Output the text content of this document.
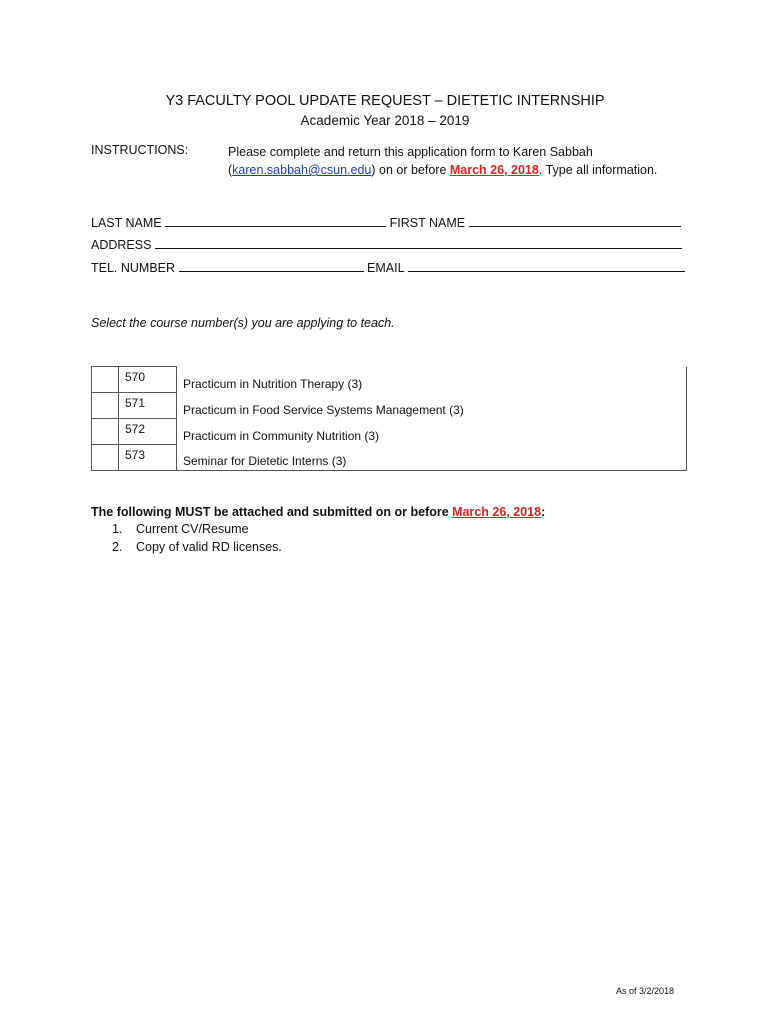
Y3 FACULTY POOL UPDATE REQUEST – DIETETIC INTERNSHIP
Academic Year 2018 – 2019
INSTRUCTIONS:	Please complete and return this application form to Karen Sabbah
(karen.sabbah@csun.edu) on or before March 26, 2018. Type all information.
LAST NAME	FIRST NAME
ADDRESS
TEL. NUMBER	EMAIL
Select the course number(s) you are applying to teach.
	570	Practicum in Nutrition Therapy (3)
	571	Practicum in Food Service Systems Management (3)
	572	Practicum in Community Nutrition (3)
	573	Seminar for Dietetic Interns (3)
The following MUST be attached and submitted on or before March 26, 2018:
1. Current CV/Resume
2. Copy of valid RD licenses.
As of 3/2/2018
